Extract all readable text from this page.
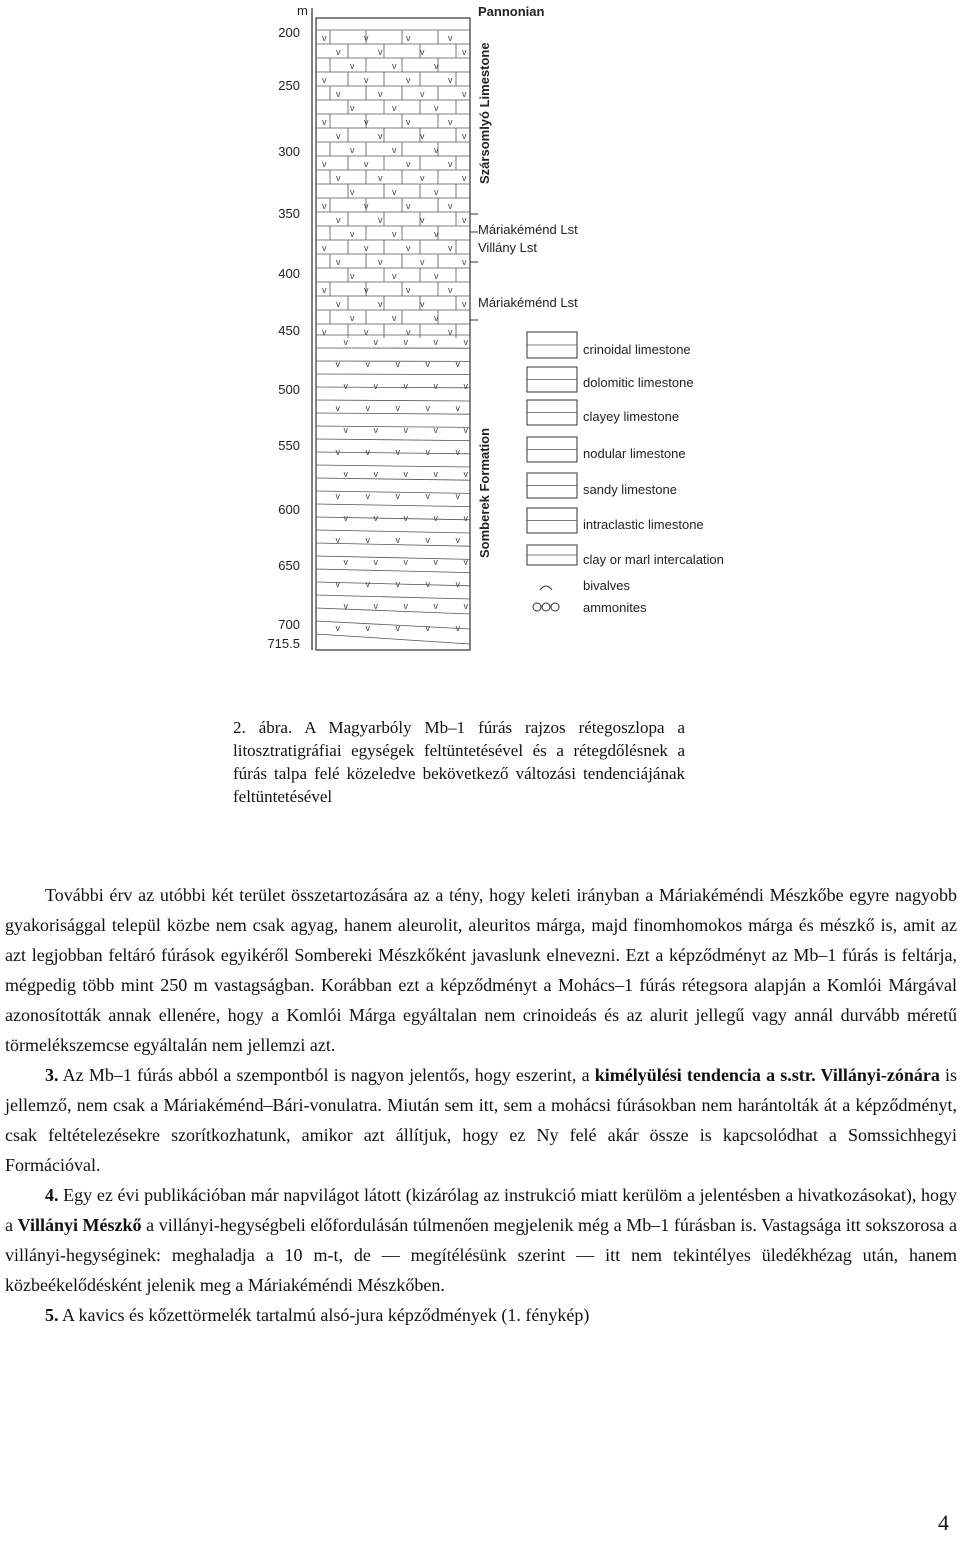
v	v	v	v
v	v	v	v
v	v	v
v	v	v	v
v	v	v	v
v	v	v
v	v	v	v
v	v	v	v
v	v	v
v	v	v	v
v	v	v	v
v	v	v
v	v	v	v
v	v	v	v
v	v	v
v	v	v	v
v	v	v	v
v	v	v
v	v	v	v
v	v	v	v
v	v	v
v	v	v	v
v	v	v	v	v
v	v	v	v	v
v	v	v	v	v
v	v	v	v	v
v	v	v	v	v
v	v	v	v	v
v	v	v	v	v
v	v	v	v	v
v	v	v	v	v
v	v	v	v	v
v	v	v	v	v
v	v	v	v	v
v	v	v	v	v
v	v	v	v	v
m
200
250
300
350
400
450
500
550
600
650
700
715.5
Pannonian
Szársomlyó Limestone
Máriakéménd Lst
Villány Lst
Máriakéménd Lst
Somberek Formation
crinoidal limestone
dolomitic limestone
clayey limestone
nodular limestone
sandy limestone
intraclastic limestone
clay or marl intercalation
bivalves
ammonites
2. ábra. A Magyarbóly Mb–1 fúrás rajzos rétegoszlopa a litosztratigráfiai egységek feltüntetésével és a rétegdőlésnek a fúrás talpa felé közeledve bekövetkező változási tendenciájának feltüntetésével

További érv az utóbbi két terület összetartozására az a tény, hogy keleti irányban a Máriakéméndi Mészkőbe egyre nagyobb gyakorisággal települ közbe nem csak agyag, hanem aleurolit, aleuritos márga, majd finomhomokos márga és mészkő is, amit az azt legjobban feltáró fúrások egyikéről Sombereki Mészkőként javaslunk elnevezni. Ezt a képződményt az Mb–1 fúrás is feltárja, mégpedig több mint 250 m vastagságban. Korábban ezt a képződményt a Mohács–1 fúrás rétegsora alapján a Komlói Márgával azonosították annak ellenére, hogy a Komlói Márga egyáltalan nem crinoideás és az alurit jellegű vagy annál durvább méretű törmelékszemcse egyáltalán nem jellemzi azt.

3. Az Mb–1 fúrás abból a szempontból is nagyon jelentős, hogy eszerint, a kimélyülési tendencia a s.str. Villányi-zónára is jellemző, nem csak a Máriakéménd–Bári-vonulatra. Miután sem itt, sem a mohácsi fúrásokban nem harántolták át a képződményt, csak feltételezésekre szorítkozhatunk, amikor azt állítjuk, hogy ez Ny felé akár össze is kapcsolódhat a Somssichhegyi Formációval.

4. Egy ez évi publikációban már napvilágot látott (kizárólag az instrukció miatt kerülöm a jelentésben a hivatkozásokat), hogy a Villányi Mészkő a villányi-hegységbeli előfordulásán túlmenően megjelenik még a Mb–1 fúrásban is. Vastagsága itt sokszorosa a villányi-hegységinek: meghaladja a 10 m-t, de — megítélésünk szerint — itt nem tekintélyes üledékhézag után, hanem közbeékelődésként jelenik meg a Máriakéméndi Mészkőben.

5. A kavics és kőzettörmelék tartalmú alsó-jura képződmények (1. fénykép)

4
